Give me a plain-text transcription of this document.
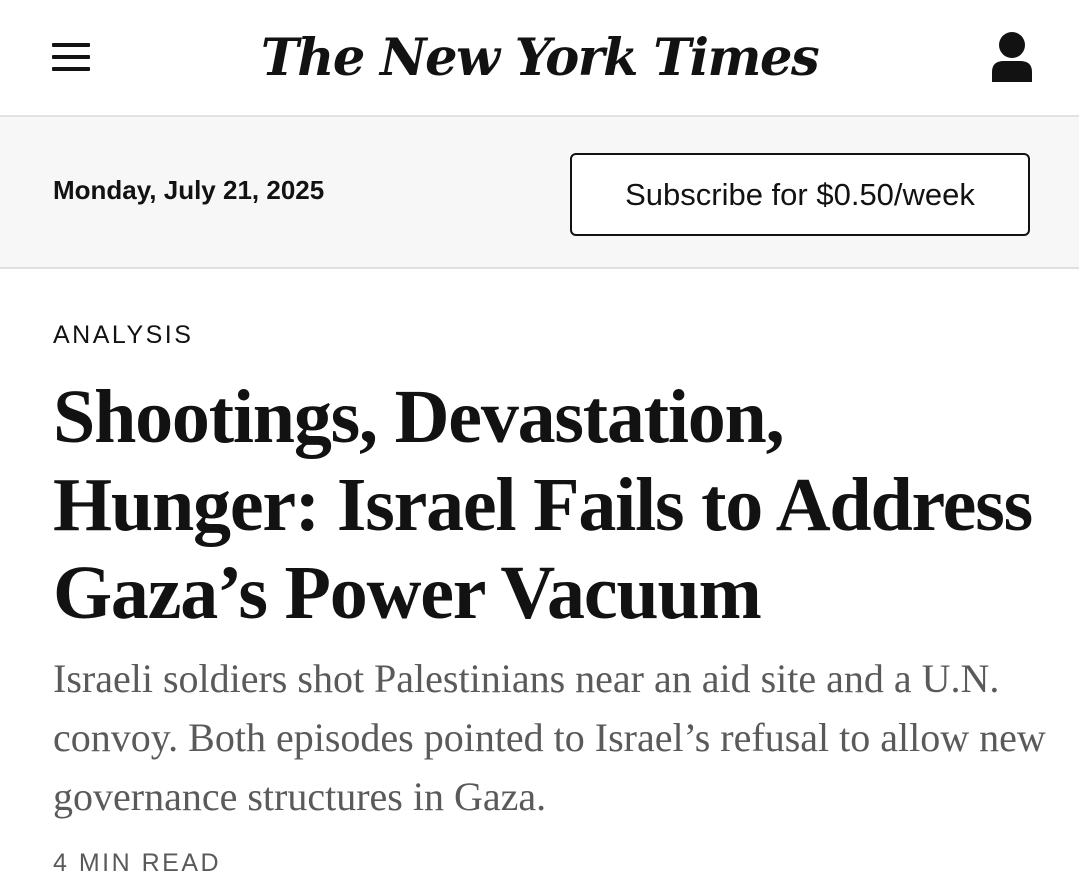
The New York Times
Monday, July 21, 2025	Subscribe for $0.50/week
ANALYSIS
Shootings, Devastation, Hunger: Israel Fails to Address Gaza’s Power Vacuum

Israeli soldiers shot Palestinians near an aid site and a U.N. convoy. Both episodes pointed to Israel’s refusal to allow new governance structures in Gaza.

4 MIN READ
